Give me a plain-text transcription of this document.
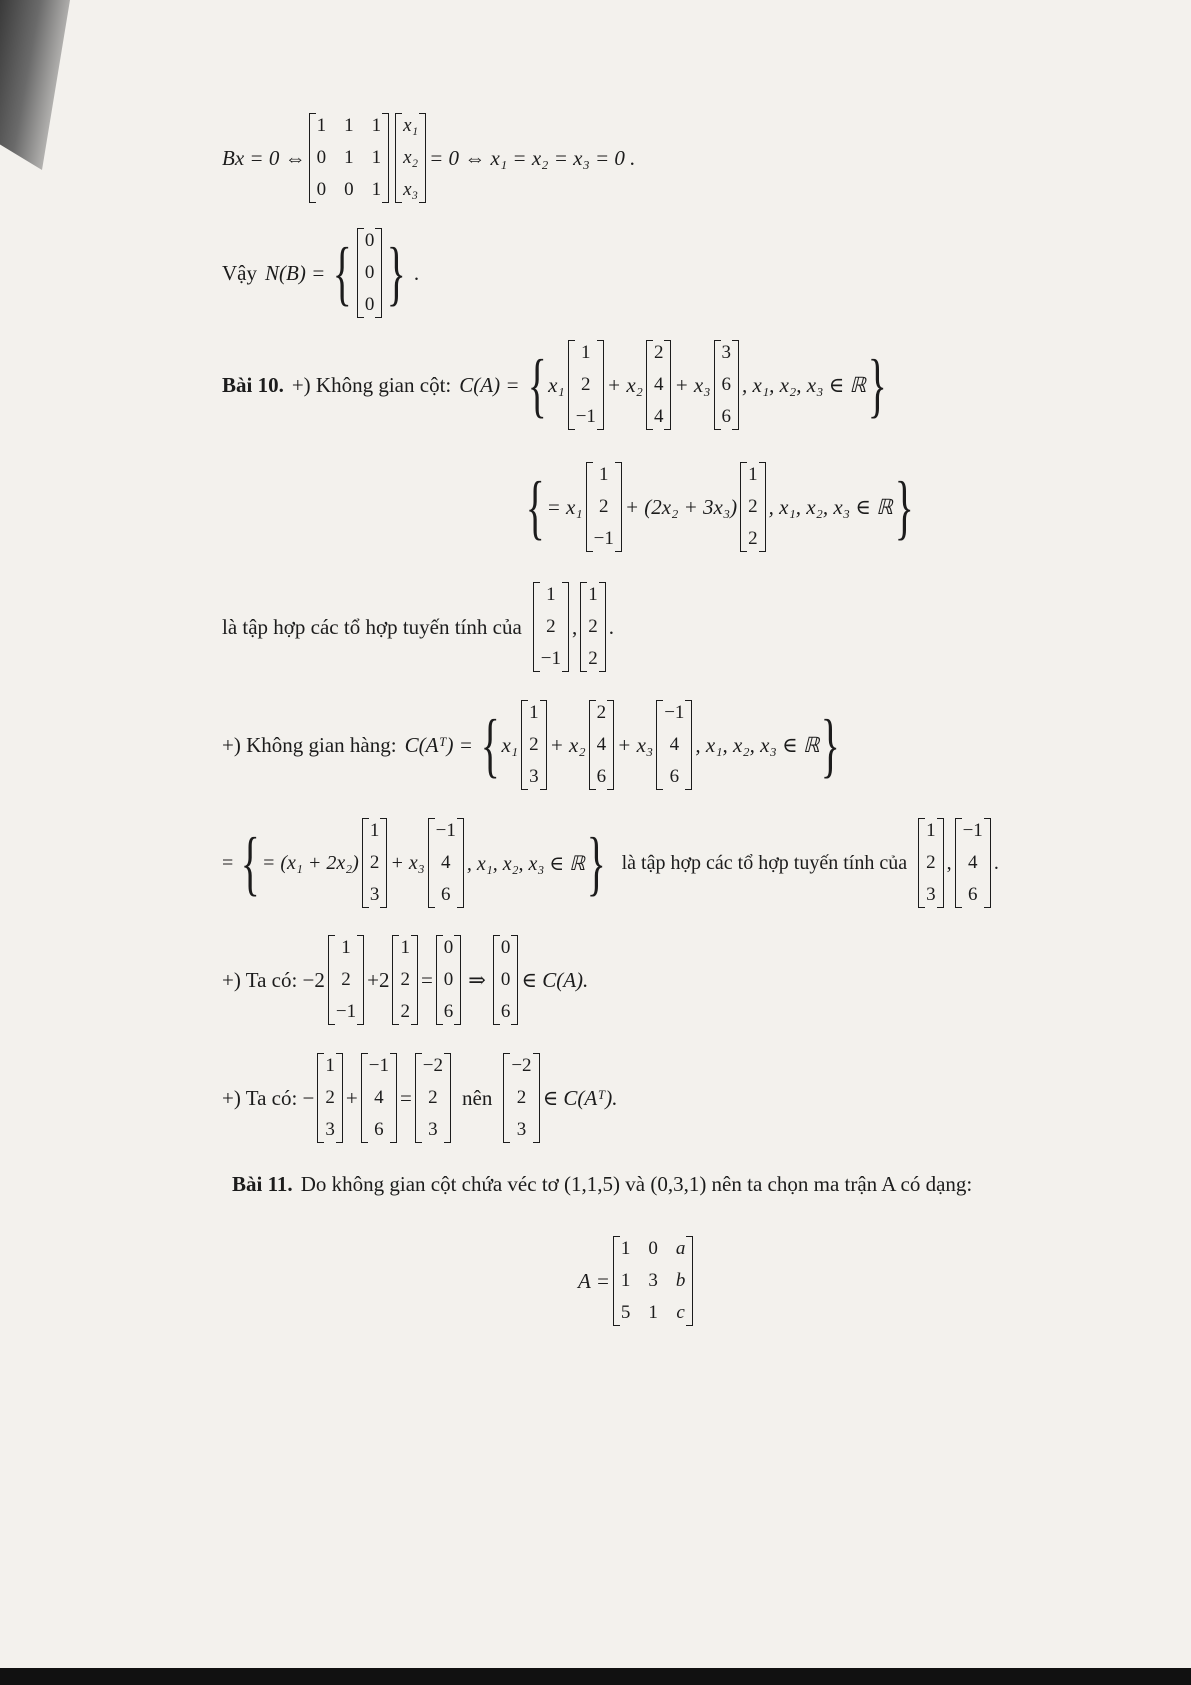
Bx = 0 ⇔
1 1 1
0 1 1
0 0 1
x₁
x₂
x₃
= 0 ⇔ x₁ = x₂ = x₃ = 0 .
Vậy N(B) = { 0
0
0 } .
Bài 10. +) Không gian cột: C(A) = { x₁
1
2
−1
+ x₂
2
4
4
+ x₃
3
6
6
, x₁, x₂, x₃ ∈ ℝ }
= x₁
{	1
2
−1
+ (2x₂ + 3x₃)
1
2
2
, x₁, x₂, x₃ ∈ ℝ }
là tập hợp các tổ hợp tuyến tính của
1
2
−1
,
1
2
2
.
+) Không gian hàng: C(Aᵀ) = { x₁
1
2
3
+ x₂
2
4
6
+ x₃
−1
4
6
, x₁, x₂, x₃ ∈ ℝ }
= { = (x₁ + 2x₂)
1
2
3
+ x₃
−1
4
6
, x₁, x₂, x₃ ∈ ℝ } là tập hợp các tổ hợp tuyến tính của
1
2
3
,
−1
4
6
.
+) Ta có: −2
1
2
−1
+2
1
2
2
=
0
0
6
⇒
0
0
6
∈ C(A).
+) Ta có: −
1
2
3
+
−1
4
6
=
−2
2
3
nên
−2
2
3
∈ C(Aᵀ).
Bài 11. Do không gian cột chứa véc tơ (1,1,5) và (0,3,1) nên ta chọn ma trận A có dạng:
A =
1 0 a
1 3 b
5 1 c
